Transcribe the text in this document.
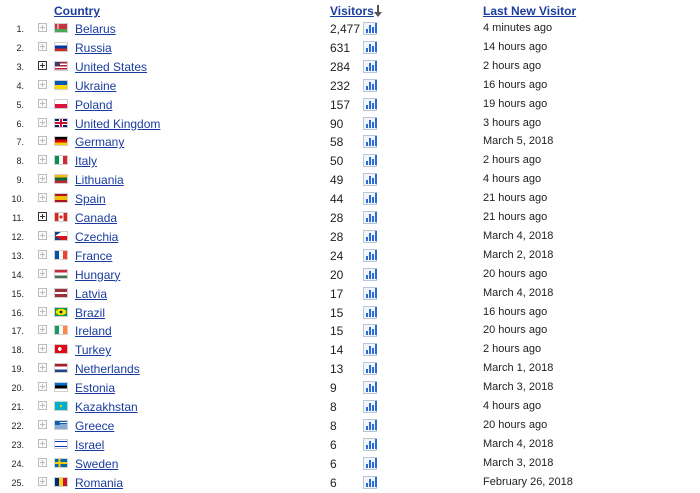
Country	Visitors	Last New Visitor
1.	Belarus	2,477	4 minutes ago
2.	Russia	631	14 hours ago
3.	United States	284	2 hours ago
4.	Ukraine	232	16 hours ago
5.	Poland	157	19 hours ago
6.	United Kingdom	90	3 hours ago
7.	Germany	58	March 5, 2018
8.	Italy	50	2 hours ago
9.	Lithuania	49	4 hours ago
10.	Spain	44	21 hours ago
11.	Canada	28	21 hours ago
12.	Czechia	28	March 4, 2018
13.	France	24	March 2, 2018
14.	Hungary	20	20 hours ago
15.	Latvia	17	March 4, 2018
16.	Brazil	15	16 hours ago
17.	Ireland	15	20 hours ago
18.	Turkey	14	2 hours ago
19.	Netherlands	13	March 1, 2018
20.	Estonia	9	March 3, 2018
21.	Kazakhstan	8	4 hours ago
22.	Greece	8	20 hours ago
23.	Israel	6	March 4, 2018
24.	Sweden	6	March 3, 2018
25.	Romania	6	February 26, 2018
